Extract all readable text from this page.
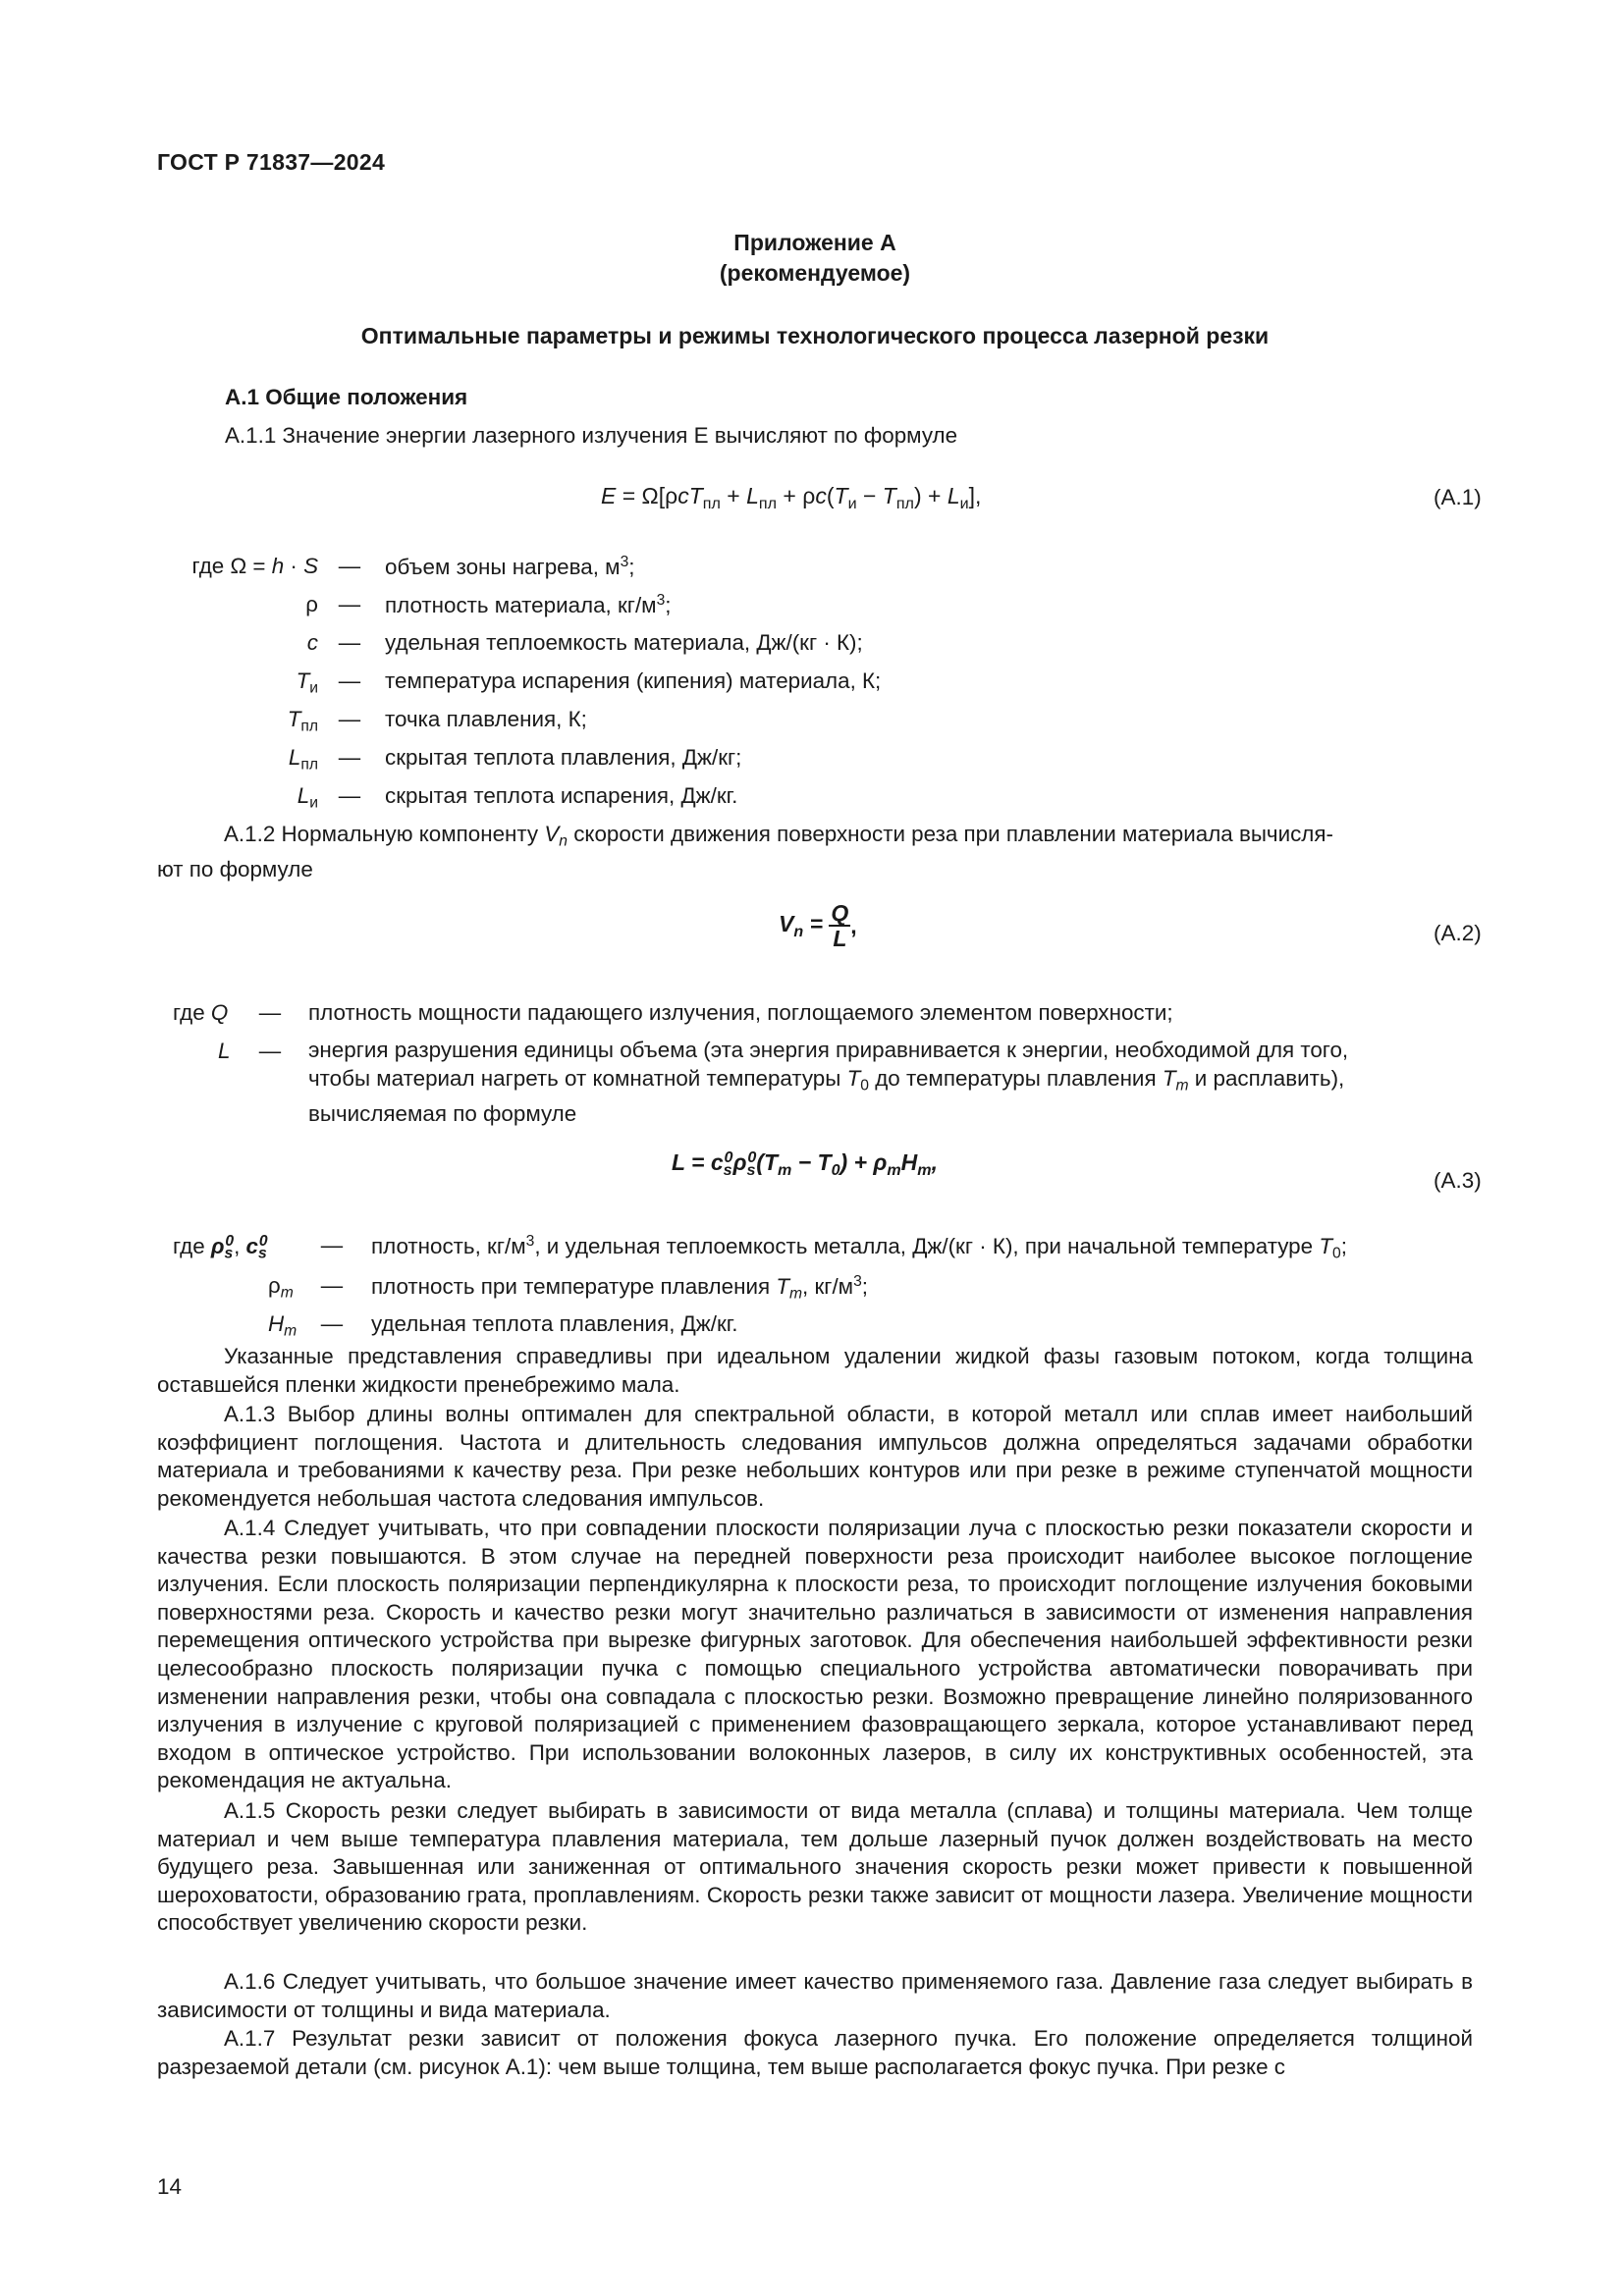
ГОСТ Р 71837—2024
Приложение А
(рекомендуемое)
Оптимальные параметры и режимы технологического процесса лазерной резки
А.1 Общие положения
А.1.1 Значение энергии лазерного излучения E вычисляют по формуле
$E = \Omega[\rho cT_{пл} + L_{пл} + \rho c(T_и - T_{пл}) + L_и]$,	(А.1)
где Ω = h · S —	объем зоны нагрева, $м^3$;
ρ —	плотность материала, $кг/м^3$;
c —	удельная теплоемкость материала, Дж/(кг · К);
$T_и$ —	температура испарения (кипения) материала, К;
$T_{пл}$ —	точка плавления, К;
$L_{пл}$ —	скрытая теплота плавления, Дж/кг;
$L_и$ —	скрытая теплота испарения, Дж/кг.
А.1.2 Нормальную компоненту $V_n$ скорости движения поверхности реза при плавлении материала вычисля-
ют по формуле
$V_n = \frac{Q}{L}$ ,	(А.2)
где Q	—	плотность мощности падающего излучения, поглощаемого элементом поверхности;
L	—	энергия разрушения единицы объема (эта энергия приравнивается к энергии, необходимой для того,
чтобы материал нагреть от комнатной температуры $T_0$ до температуры плавления $T_m$ и расплавить),
вычисляемая по формуле
$L = c_s^0\rho_s^0(T_m - T_0) + \rho_mH_m$,
(А.3)
где $\rho_s^0$, $c_s^0$	—	плотность, $кг/м^3$, и удельная теплоемкость металла, Дж/(кг · К), при начальной температуре $T_0$;
$\rho_m$	—	плотность при температуре плавления $T_m$, $кг/м^3$;
$H_m$	—	удельная теплота плавления, Дж/кг.
Указанные представления справедливы при идеальном удалении жидкой фазы газовым потоком, когда толщина оставшейся пленки жидкости пренебрежимо мала.
А.1.3 Выбор длины волны оптимален для спектральной области, в которой металл или сплав имеет наибольший коэффициент поглощения. Частота и длительность следования импульсов должна определяться задачами обработки материала и требованиями к качеству реза. При резке небольших контуров или при резке в режиме ступенчатой мощности рекомендуется небольшая частота следования импульсов.
А.1.4 Следует учитывать, что при совпадении плоскости поляризации луча с плоскостью резки показатели скорости и качества резки повышаются. В этом случае на передней поверхности реза происходит наиболее высокое поглощение излучения. Если плоскость поляризации перпендикулярна к плоскости реза, то происходит поглощение излучения боковыми поверхностями реза. Скорость и качество резки могут значительно различаться в зависимости от изменения направления перемещения оптического устройства при вырезке фигурных заготовок. Для обеспечения наибольшей эффективности резки целесообразно плоскость поляризации пучка с помощью специального устройства автоматически поворачивать при изменении направления резки, чтобы она совпадала с плоскостью резки. Возможно превращение линейно поляризованного излучения в излучение с круговой поляризацией с применением фазовращающего зеркала, которое устанавливают перед входом в оптическое устройство. При использовании волоконных лазеров, в силу их конструктивных особенностей, эта рекомендация не актуальна.
А.1.5 Скорость резки следует выбирать в зависимости от вида металла (сплава) и толщины материала. Чем толще материал и чем выше температура плавления материала, тем дольше лазерный пучок должен воздействовать на место будущего реза. Завышенная или заниженная от оптимального значения скорость резки может привести к повышенной шероховатости, образованию грата, проплавлениям. Скорость резки также зависит от мощности лазера. Увеличение мощности способствует увеличению скорости резки.
А.1.6 Следует учитывать, что большое значение имеет качество применяемого газа. Давление газа следует выбирать в зависимости от толщины и вида материала.
А.1.7 Результат резки зависит от положения фокуса лазерного пучка. Его положение определяется толщиной разрезаемой детали (см. рисунок А.1): чем выше толщина, тем выше располагается фокус пучка. При резке с
14
